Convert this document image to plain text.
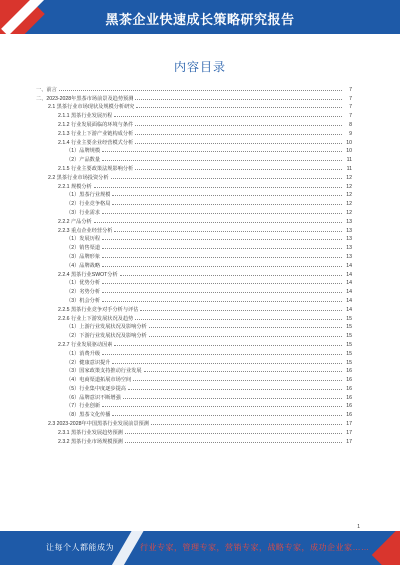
黑茶企业快速成长策略研究报告
内容目录
一、前言	7
二、2023-2028年黑茶市场前景及趋势预测	7
2.1 黑茶行业市场现状及规模分析研究	7
2.1.1 黑茶行业发展历程	7
2.1.2 行业发展面临的环境与条件	8
2.1.3 行业上下游产业链构成分析	9
2.1.4 行业主要企业经营模式分析	10
（1）品牌规模	10
（2）产品数量	11
2.1.5 行业主要政策法规影响分析	11
2.2 黑茶行业市场投资分析	12
2.2.1 规模分析	12
（1）黑茶行业规模	12
（2）行业竞争格局	12
（3）行业需求	12
2.2.2 产品分析	13
2.2.3 重点企业经营分析	13
（1）发展历程	13
（2）销售渠道	13
（3）品牌形象	13
（4）品牌战略	14
2.2.4 黑茶行业SWOT分析	14
（1）优势分析	14
（2）劣势分析	14
（3）机会分析	14
2.2.5 黑茶行业竞争对手分析与评估	14
2.2.6 行业上下游发展状况及趋势	15
（1）上游行业发展状况及影响分析	15
（2）下游行业发展状况及影响分析	15
2.2.7 行业发展驱动因素	15
（1）消费升级	15
（2）健康意识提升	15
（3）国家政策支持推动行业发展	16
（4）电商渠道拓展市场空间	16
（5）行业集中度逐步提高	16
（6）品牌意识不断增强	16
（7）行业创新	16
（8）黑茶文化传播	16
2.3 2023-2028年中国黑茶行业发展前景预测	17
2.3.1 黑茶行业发展趋势预测	17
2.3.2 黑茶行业市场规模预测	17
1
让每个人都能成为	行业专家，管理专家，营销专家，战略专家，成功企业家……
